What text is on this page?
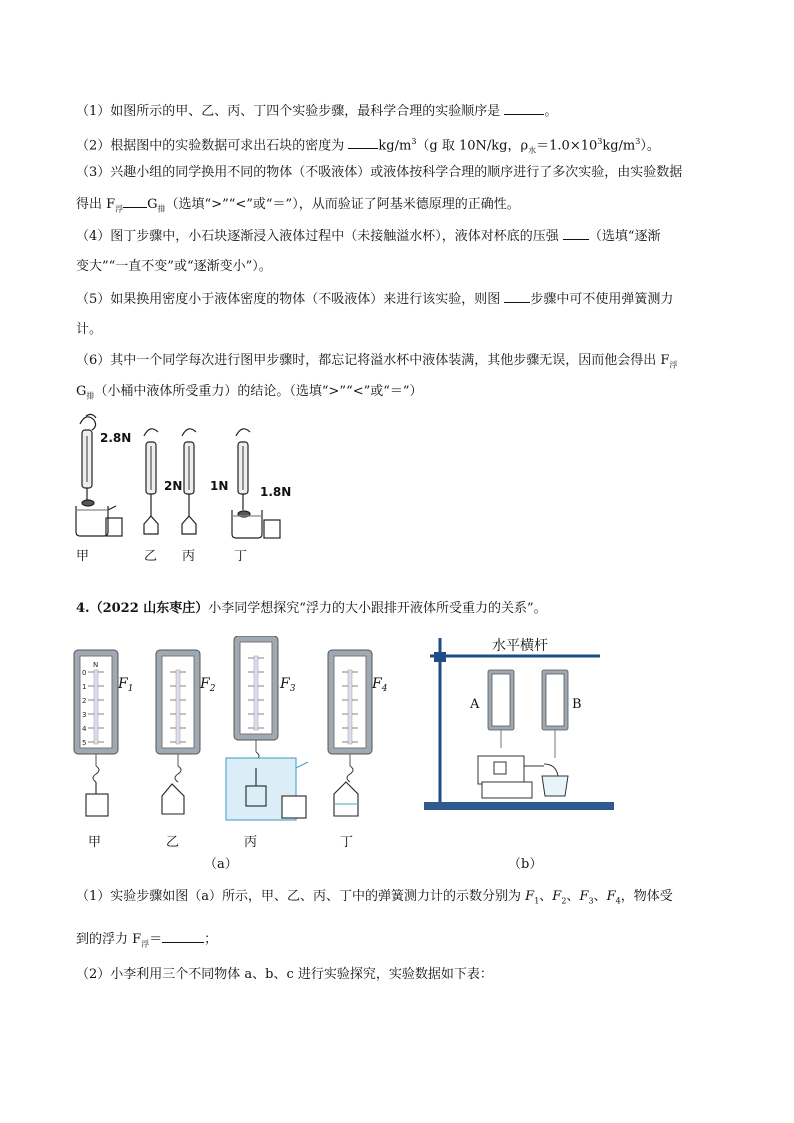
（1）如图所示的甲、乙、丙、丁四个实验步骤，最科学合理的实验顺序是	。
（2）根据图中的实验数据可求出石块的密度为 $kg/m^3(g$ 取 10N/kg，$\rho_水=1.0\times 10^3kg/m^3$）。
（3）兴趣小组的同学换用不同的物体（不吸液体）或液体按科学合理的顺序进行了多次实验，由实验数据
得出 $F_浮$ $G_排$（选填“>”“<”或“＝”），从而验证了阿基米德原理的正确性。
（4）图丁步骤中，小石块逐渐浸入液体过程中（未接触溢水杯），液体对杯底的压强 （选填“逐渐
变大”“一直不变”或“逐渐变小”）。
（5）如果换用密度小于液体密度的物体（不吸液体）来进行该实验，则图 步骤中可不使用弹簧测力
计。
（6）其中一个同学每次进行图甲步骤时，都忘记将溢水杯中液体装满，其他步骤无误，因而他会得出 $F_浮$
$G_排$（小桶中液体所受重力）的结论。（选填“>”“<”或“＝”）
2.8N
2N 1N	1.8N
甲	乙 丙	丁
4.（2022 山东枣庄）小李同学想探究“浮力的大小跟排开液体所受重力的关系”。
N
0
1
2
3
4
5
$F_1$	$F_2$	$F_3$	$F_4$
甲	乙	丙	丁
（a）
水平横杆
A	B
（b）
（1）实验步骤如图（a）所示，甲、乙、丙、丁中的弹簧测力计的示数分别为 $F_1$、$F_2$、$F_3$、$F_4$，物体受
到的浮力 $F_浮=$	；
（2）小李利用三个不同物体 a、b、c 进行实验探究，实验数据如下表：
